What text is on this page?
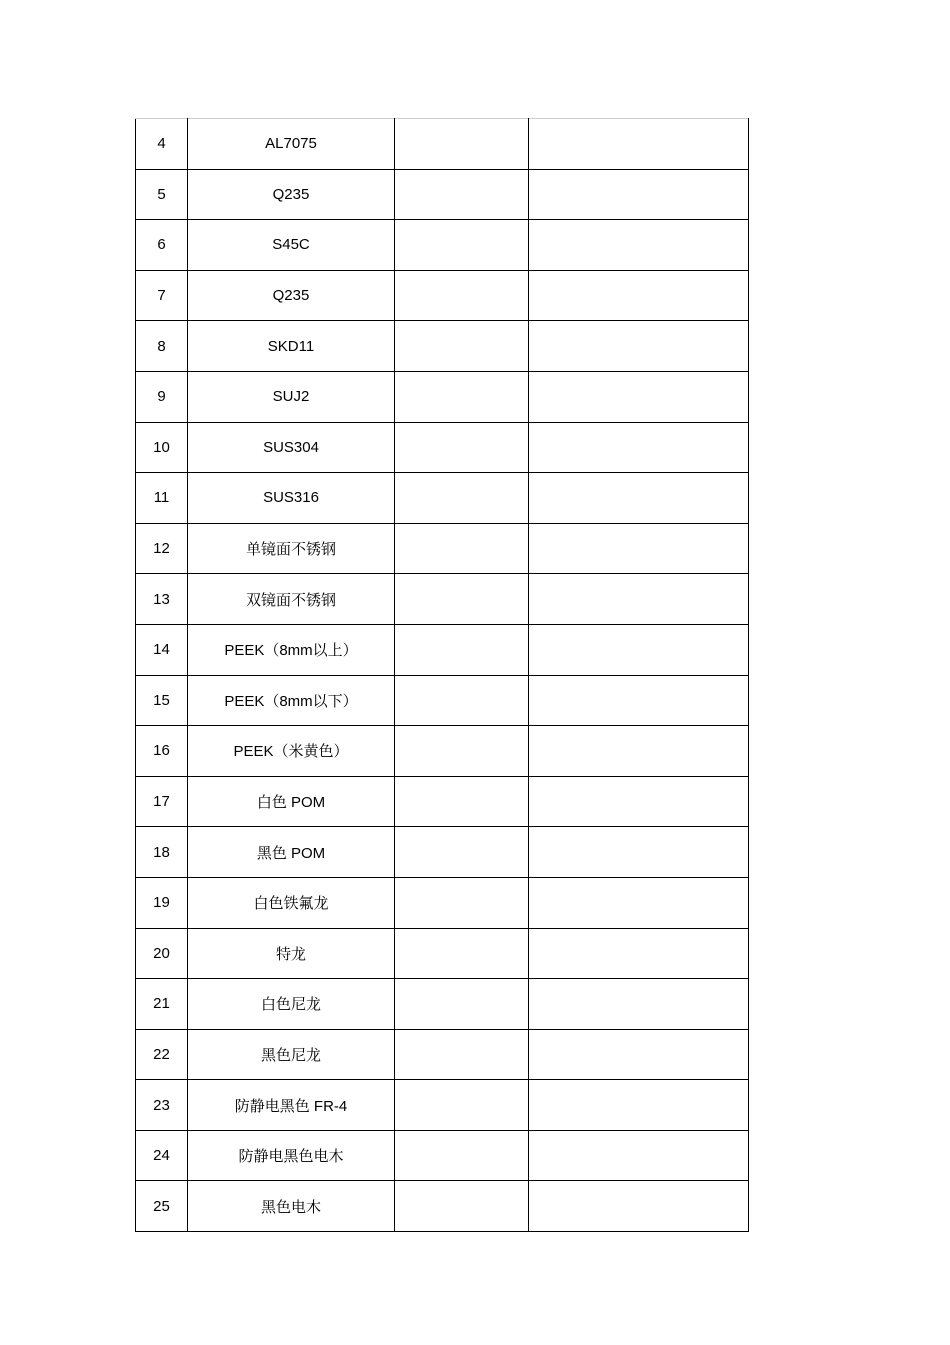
4	AL7075		
5	Q235		
6	S45C		
7	Q235		
8	SKD11		
9	SUJ2		
10	SUS304		
11	SUS316		
12	单镜面不锈钢		
13	双镜面不锈钢		
14	PEEK（8mm以上）		
15	PEEK（8mm以下）		
16	PEEK（米黄色）		
17	白色 POM		
18	黑色 POM		
19	白色铁氟龙		
20	特龙		
21	白色尼龙		
22	黑色尼龙		
23	防静电黑色 FR-4		
24	防静电黑色电木		
25	黑色电木		
